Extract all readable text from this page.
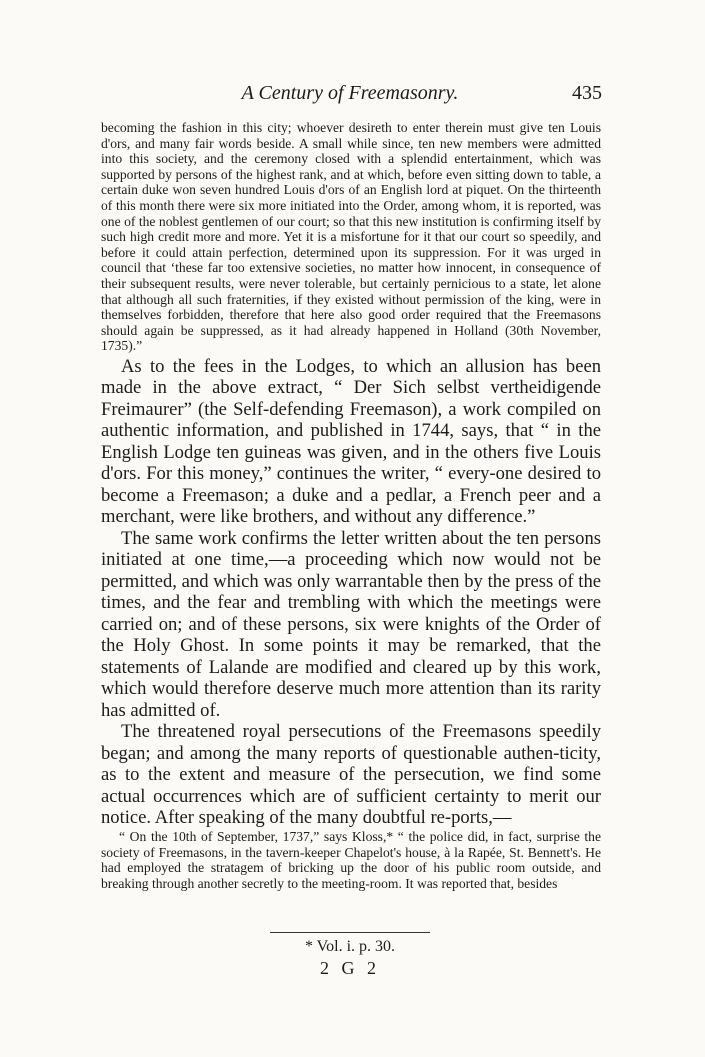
A Century of Freemasonry.	435

becoming the fashion in this city; whoever desireth to enter therein must give ten Louis d'ors, and many fair words beside. A small while since, ten new members were admitted into this society, and the ceremony closed with a splendid entertainment, which was supported by persons of the highest rank, and at which, before even sitting down to table, a certain duke won seven hundred Louis d'ors of an English lord at piquet. On the thirteenth of this month there were six more initiated into the Order, among whom, it is reported, was one of the noblest gentlemen of our court; so that this new institution is confirming itself by such high credit more and more. Yet it is a misfortune for it that our court so speedily, and before it could attain perfection, determined upon its suppression. For it was urged in council that ‘these far too extensive societies, no matter how innocent, in consequence of their subsequent results, were never tolerable, but certainly pernicious to a state, let alone that although all such fraternities, if they existed without permission of the king, were in themselves forbidden, therefore that here also good order required that the Freemasons should again be suppressed, as it had already happened in Holland (30th November, 1735).”

As to the fees in the Lodges, to which an allusion has been made in the above extract, “ Der Sich selbst vertheidigende Freimaurer” (the Self-defending Freemason), a work compiled on authentic information, and published in 1744, says, that “ in the English Lodge ten guineas was given, and in the others five Louis d'ors. For this money,” continues the writer, “ every-one desired to become a Freemason; a duke and a pedlar, a French peer and a merchant, were like brothers, and without any difference.”

The same work confirms the letter written about the ten persons initiated at one time,—a proceeding which now would not be permitted, and which was only warrantable then by the press of the times, and the fear and trembling with which the meetings were carried on; and of these persons, six were knights of the Order of the Holy Ghost. In some points it may be remarked, that the statements of Lalande are modified and cleared up by this work, which would therefore deserve much more attention than its rarity has admitted of.

The threatened royal persecutions of the Freemasons speedily began; and among the many reports of questionable authen-ticity, as to the extent and measure of the persecution, we find some actual occurrences which are of sufficient certainty to merit our notice. After speaking of the many doubtful re-ports,—

“ On the 10th of September, 1737,” says Kloss,* “ the police did, in fact, surprise the society of Freemasons, in the tavern-keeper Chapelot's house, à la Rapée, St. Bennett's. He had employed the stratagem of bricking up the door of his public room outside, and breaking through another secretly to the meeting-room. It was reported that, besides

* Vol. i. p. 30.
2 G 2
